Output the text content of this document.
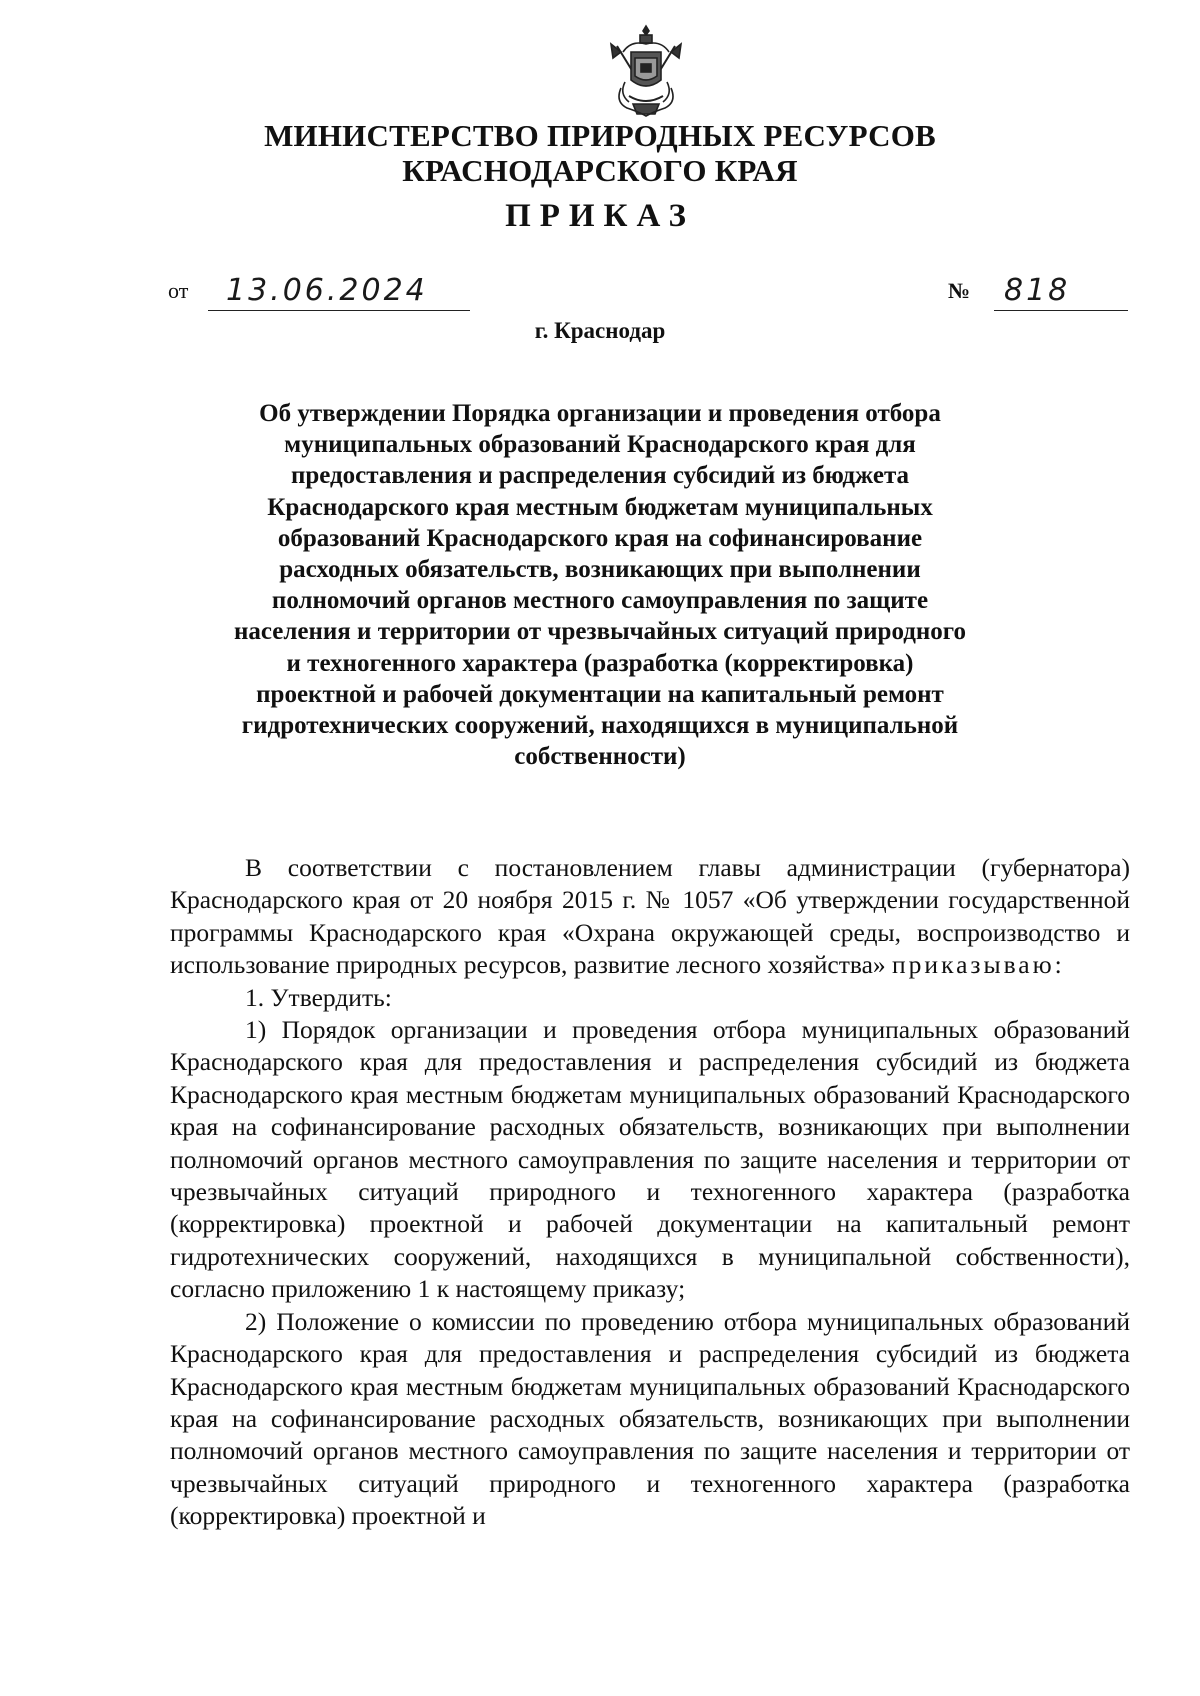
МИНИСТЕРСТВО ПРИРОДНЫХ РЕСУРСОВ
КРАСНОДАРСКОГО КРАЯ
ПРИКАЗ
от 13.06.2024	№ 818
г. Краснодар
Об утверждении Порядка организации и проведения отбора муниципальных образований Краснодарского края для предоставления и распределения субсидий из бюджета Краснодарского края местным бюджетам муниципальных образований Краснодарского края на софинансирование расходных обязательств, возникающих при выполнении полномочий органов местного самоуправления по защите населения и территории от чрезвычайных ситуаций природного и техногенного характера (разработка (корректировка) проектной и рабочей документации на капитальный ремонт гидротехнических сооружений, находящихся в муниципальной собственности)

В соответствии с постановлением главы администрации (губернатора) Краснодарского края от 20 ноября 2015 г. № 1057 «Об утверждении государственной программы Краснодарского края «Охрана окружающей среды, воспроизводство и использование природных ресурсов, развитие лесного хозяйства» приказываю:

1. Утвердить:

1) Порядок организации и проведения отбора муниципальных образований Краснодарского края для предоставления и распределения субсидий из бюджета Краснодарского края местным бюджетам муниципальных образований Краснодарского края на софинансирование расходных обязательств, возникающих при выполнении полномочий органов местного самоуправления по защите населения и территории от чрезвычайных ситуаций природного и техногенного характера (разработка (корректировка) проектной и рабочей документации на капитальный ремонт гидротехнических сооружений, находящихся в муниципальной собственности), согласно приложению 1 к настоящему приказу;

2) Положение о комиссии по проведению отбора муниципальных образований Краснодарского края для предоставления и распределения субсидий из бюджета Краснодарского края местным бюджетам муниципальных образований Краснодарского края на софинансирование расходных обязательств, возникающих при выполнении полномочий органов местного самоуправления по защите населения и территории от чрезвычайных ситуаций природного и техногенного характера (разработка (корректировка) проектной и
